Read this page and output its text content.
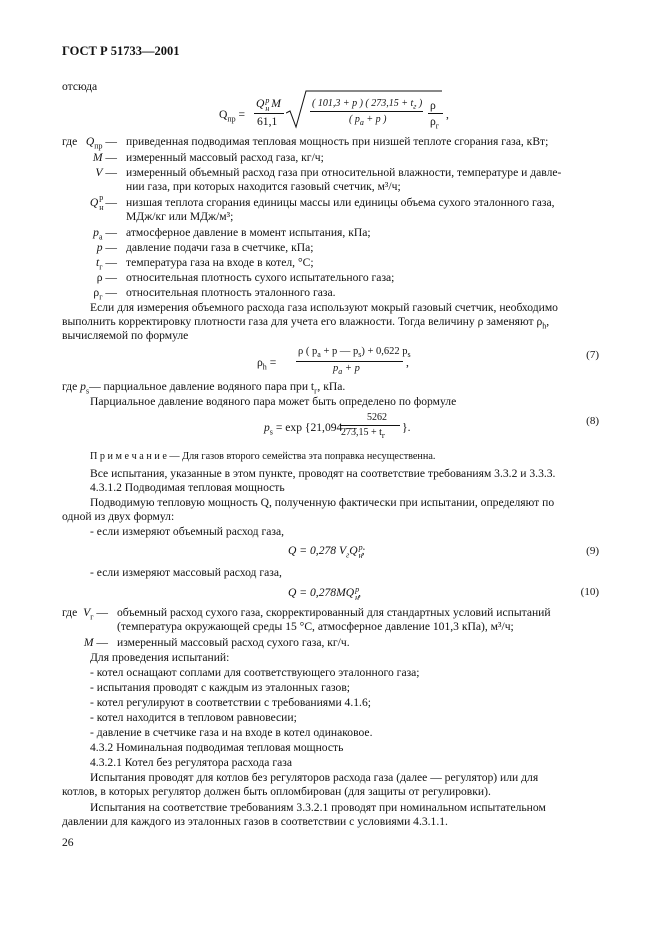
ГОСТ Р 51733—2001
отсюда
$Q_{пр}$ =
Q р
н M
61,1
( 101,3 + p ) ( $273,15 + t_г$ )
( $p_а + p$ )
ρ
$\rho_г$
,
где $Q_{пр}$ — приведенная подводимая тепловая мощность при низшей теплоте сгорания газа, кВт;
M — измеренный массовый расход газа, кг/ч;
V — измеренный объемный расход газа при относительной влажности, температуре и давле-
нии газа, при которых находится газовый счетчик, м³/ч;
Q р
н — низшая теплота сгорания единицы массы или единицы объема сухого эталонного газа,
МДж/кг или МДж/м³;
$p_а$ — атмосферное давление в момент испытания, кПа;
p — давление подачи газа в счетчике, кПа;
$t_г$ — температура газа на входе в котел, °С;
ρ — относительная плотность сухого испытательного газа;
$\rho_г$ — относительная плотность эталонного газа.
Если для измерения объемного расхода газа используют мокрый газовый счетчик, необходимо
выполнить корректировку плотности газа для учета его влажности. Тогда величину ρ заменяют $\rho_h$,
вычисляемой по формуле
$\rho_h$ =
ρ ( $p_а + p$ — $p_s) + 0,622$ $p_s$
$p_а + p$	,
(7)
где $p_s—$ парциальное давление водяного пара при $t_г$, кПа.
Парциальное давление водяного пара может быть определено по формуле
$p_s = \exp \{21,094$ —
5262
$273,15 + t_г$
}.	(8)
П р и м е ч а н и е — Для газов второго семейства эта поправка несущественна.
Все испытания, указанные в этом пункте, проводят на соответствие требованиям 3.3.2 и 3.3.3.
4.3.1.2 Подводимая тепловая мощность
Подводимую тепловую мощность Q, полученную фактически при испытании, определяют по
одной из двух формул:
- если измеряют объемный расход газа,
Q = 0,278 $V_гQ$ р
н;	(9)
- если измеряют массовый расход газа,
Q = 0,278MQ р
н,	(10)
где $V_г$ — объемный расход сухого газа, скорректированный для стандартных условий испытаний
(температура окружающей среды 15 °С, атмосферное давление 101,3 кПа), м³/ч;
M — измеренный массовый расход сухого газа, кг/ч.
Для проведения испытаний:
- котел оснащают соплами для соответствующего эталонного газа;
- испытания проводят с каждым из эталонных газов;
- котел регулируют в соответствии с требованиями 4.1.6;
- котел находится в тепловом равновесии;
- давление в счетчике газа и на входе в котел одинаковое.
4.3.2 Номинальная подводимая тепловая мощность
4.3.2.1 Котел без регулятора расхода газа
Испытания проводят для котлов без регуляторов расхода газа (далее — регулятор) или для
котлов, в которых регулятор должен быть опломбирован (для защиты от регулировки).
Испытания на соответствие требованиям 3.3.2.1 проводят при номинальном испытательном
давлении для каждого из эталонных газов в соответствии с условиями 4.3.1.1.
26
